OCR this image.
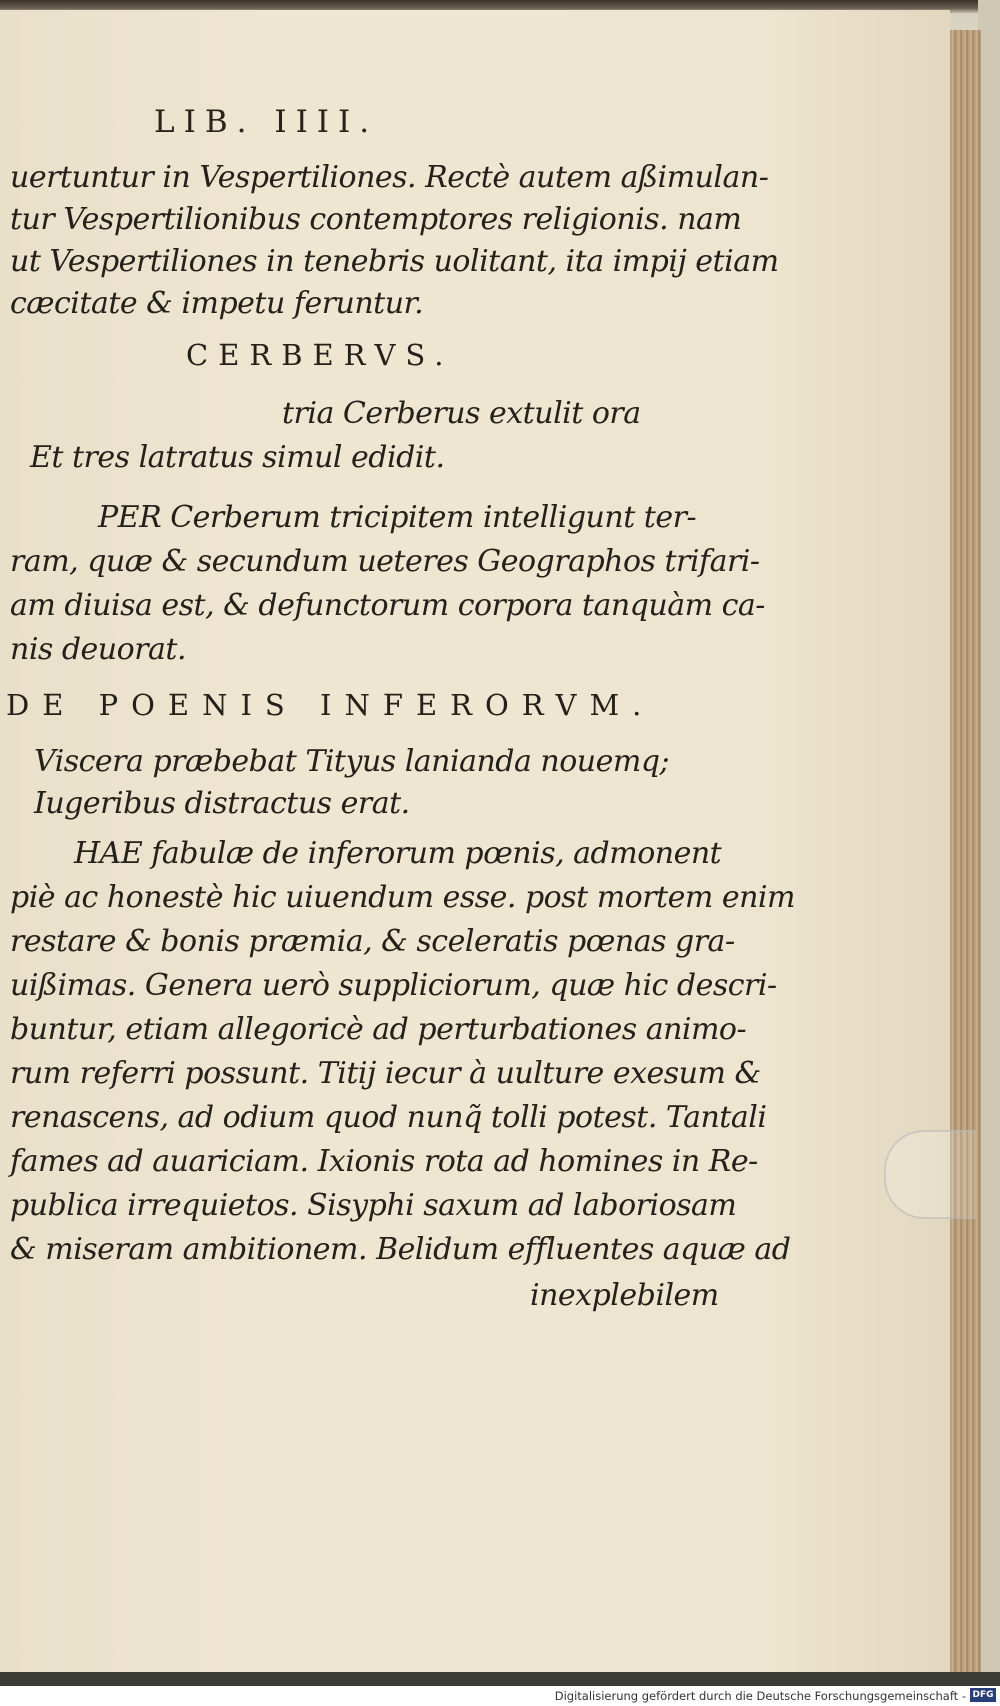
LIB. IIII.
uertuntur in Vespertiliones. Rectè autem aßimulan-
tur Vespertilionibus contemptores religionis. nam
ut Vespertiliones in tenebris uolitant, ita impij etiam
cæcitate & impetu feruntur.
CERBERVS.
tria Cerberus extulit ora
Et tres latratus simul edidit.
PER Cerberum tricipitem intelligunt ter-
ram, quæ & secundum ueteres Geographos trifari-
am diuisa est, & defunctorum corpora tanquàm ca-
nis deuorat.
DE POENIS INFERORVM.
Viscera præbebat Tityus lanianda nouemq;
Iugeribus distractus erat.
HAE fabulæ de inferorum pœnis, admonent
piè ac honestè hic uiuendum esse. post mortem enim
restare & bonis præmia, & sceleratis pœnas gra-
uißimas. Genera uerò suppliciorum, quæ hic descri-
buntur, etiam allegoricè ad perturbationes animo-
rum referri possunt. Titij iecur à uulture exesum &
renascens, ad odium quod nunq̃ tolli potest. Tantali
fames ad auariciam. Ixionis rota ad homines in Re-
publica irrequietos. Sisyphi saxum ad laboriosam
& miseram ambitionem. Belidum effluentes aquæ ad
inexplebilem
Digitalisierung gefördert durch die Deutsche Forschungsgemeinschaft - DFG
